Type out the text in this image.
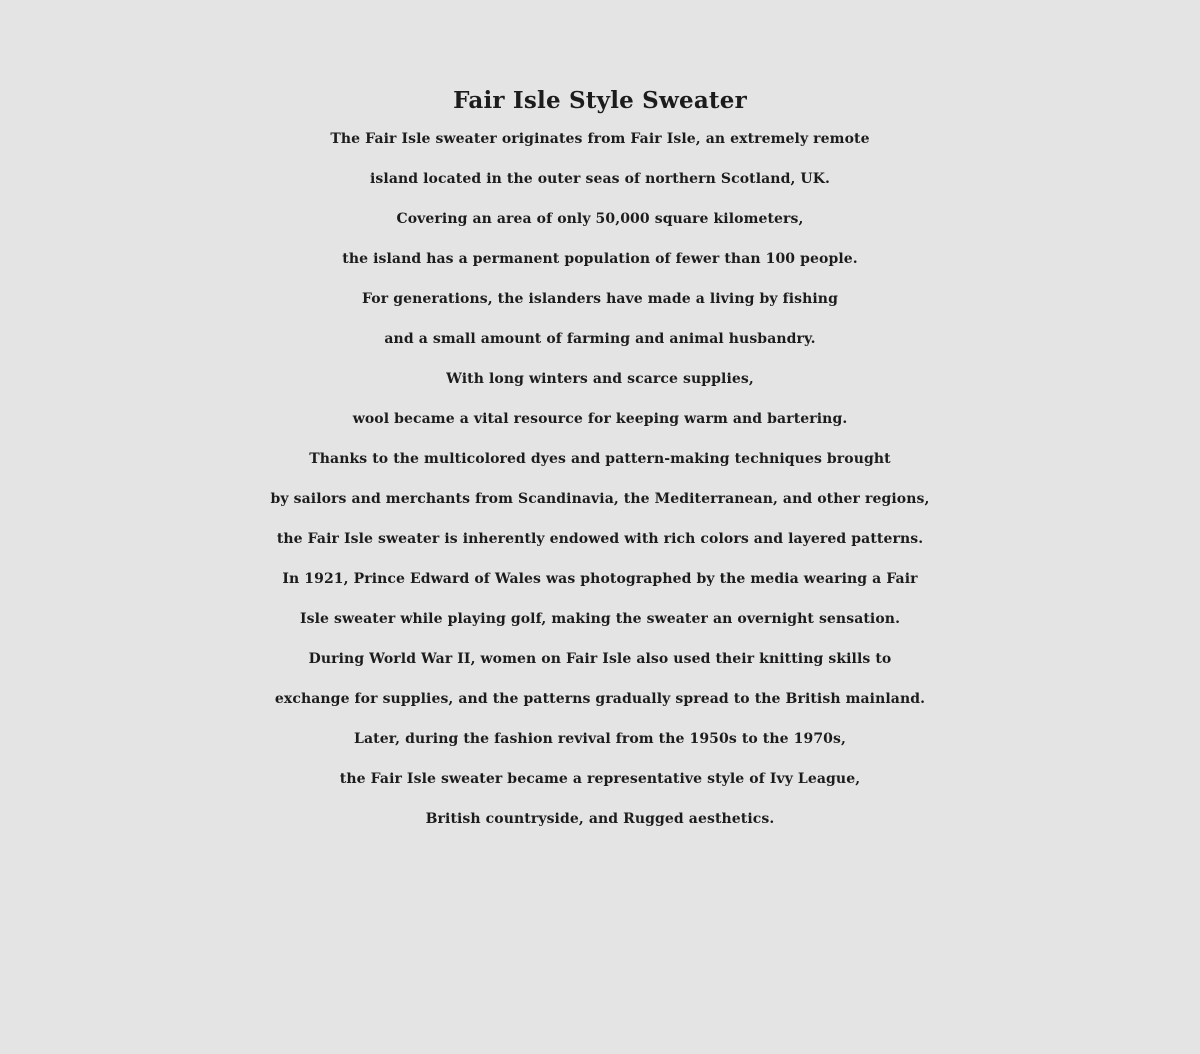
Fair Isle Style Sweater
The Fair Isle sweater originates from Fair Isle, an extremely remote
island located in the outer seas of northern Scotland, UK.
Covering an area of only 50,000 square kilometers,
the island has a permanent population of fewer than 100 people.
For generations, the islanders have made a living by fishing
and a small amount of farming and animal husbandry.
With long winters and scarce supplies,
wool became a vital resource for keeping warm and bartering.
Thanks to the multicolored dyes and pattern-making techniques brought
by sailors and merchants from Scandinavia, the Mediterranean, and other regions,
the Fair Isle sweater is inherently endowed with rich colors and layered patterns.
In 1921, Prince Edward of Wales was photographed by the media wearing a Fair
Isle sweater while playing golf, making the sweater an overnight sensation.
During World War II, women on Fair Isle also used their knitting skills to
exchange for supplies, and the patterns gradually spread to the British mainland.
Later, during the fashion revival from the 1950s to the 1970s,
the Fair Isle sweater became a representative style of Ivy League,
British countryside, and Rugged aesthetics.
